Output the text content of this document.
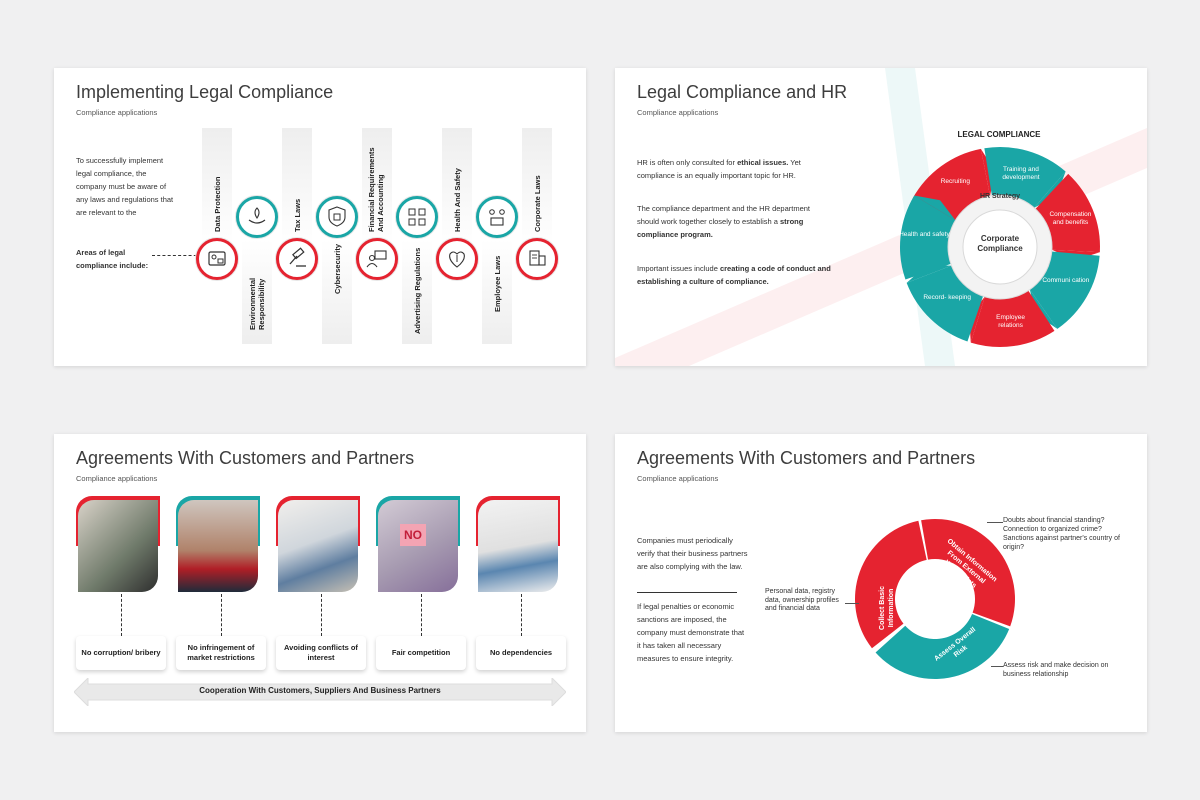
Implementing Legal Compliance
Compliance applications
To successfully implement legal compliance, the company must be aware of any laws and regulations that are relevant to the
Areas of legal compliance include:
Data Protection
Environmental Responsibility
Tax Laws
Cybersecurity
Financial Requirements And Accounting
Advertising Regulations
Health And Safety
Employee Laws
Corporate Laws
Legal Compliance and HR
Compliance applications
HR is often only consulted for ethical issues. Yet compliance is an equally important topic for HR.
The compliance department and the HR department should work together closely to establish a strong compliance program.
Important issues include creating a code of conduct and establishing a culture of compliance.
LEGAL COMPLIANCE
HR Strategy
Corporate Compliance
Recruiting
Training and development
Compensation and benefits
Communi cation
Employee relations
Record- keeping
Health and safety
Agreements With Customers and Partners
Compliance applications
NO
No corruption/ bribery
No infringement of market restrictions
Avoiding conflicts of interest
Fair competition	No dependencies
Cooperation With Customers, Suppliers And Business Partners
Agreements With Customers and Partners
Compliance applications
Companies must periodically verify that their business partners are also complying with the law.
If legal penalties or economic sanctions are imposed, the company must demonstrate that it has taken all necessary measures to ensure integrity.
Obtain Information From External Watch Lists
Assess Overall Risk
Collect Basic Information
Doubts about financial standing? Connection to organized crime? Sanctions against partner's country of origin?
Personal data, registry data, ownership profiles and financial data
Assess risk and make decision on business relationship
